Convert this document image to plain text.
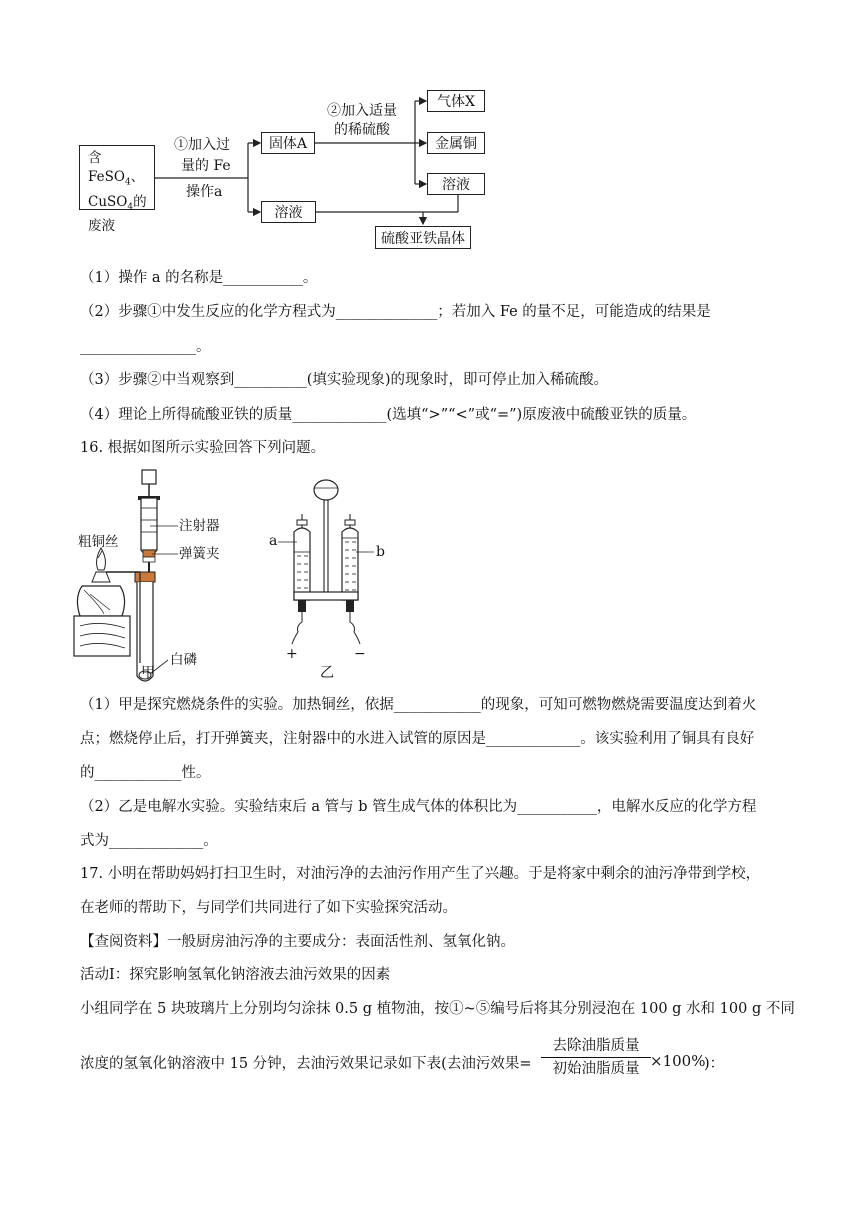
含FeSO$_4$、
CuSO$_4$的
废液
①加入过
量的 Fe
操作a
固体A
溶液
②加入适量
的稀硫酸
气体X
金属铜
溶液
硫酸亚铁晶体
（1）操作 a 的名称是___________。
（2）步骤①中发生反应的化学方程式为______________；若加入 Fe 的量不足，可能造成的结果是
________________。
（3）步骤②中当观察到__________(填实验现象)的现象时，即可停止加入稀硫酸。
（4）理论上所得硫酸亚铁的质量_____________(选填“>”“<”或“=”)原废液中硫酸亚铁的质量。
16. 根据如图所示实验回答下列问题。
粗铜丝
注射器
弹簧夹
白磷
甲
a
b
+	−
乙
（1）甲是探究燃烧条件的实验。加热铜丝，依据____________的现象，可知可燃物燃烧需要温度达到着火
点；燃烧停止后，打开弹簧夹，注射器中的水进入试管的原因是_____________。该实验利用了铜具有良好
的____________性。
（2）乙是电解水实验。实验结束后 a 管与 b 管生成气体的体积比为___________，电解水反应的化学方程
式为_____________。
17. 小明在帮助妈妈打扫卫生时，对油污净的去油污作用产生了兴趣。于是将家中剩余的油污净带到学校，
在老师的帮助下，与同学们共同进行了如下实验探究活动。
【查阅资料】一般厨房油污净的主要成分：表面活性剂、氢氧化钠。
活动Ⅰ：探究影响氢氧化钠溶液去油污效果的因素
小组同学在 5 块玻璃片上分别均匀涂抹 0.5 g 植物油，按①~⑤编号后将其分别浸泡在 100 g 水和 100 g 不同
浓度的氢氧化钠溶液中 15 分钟，去油污效果记录如下表(去油污效果=
去除油脂质量
初始油脂质量 ×100%
)：
